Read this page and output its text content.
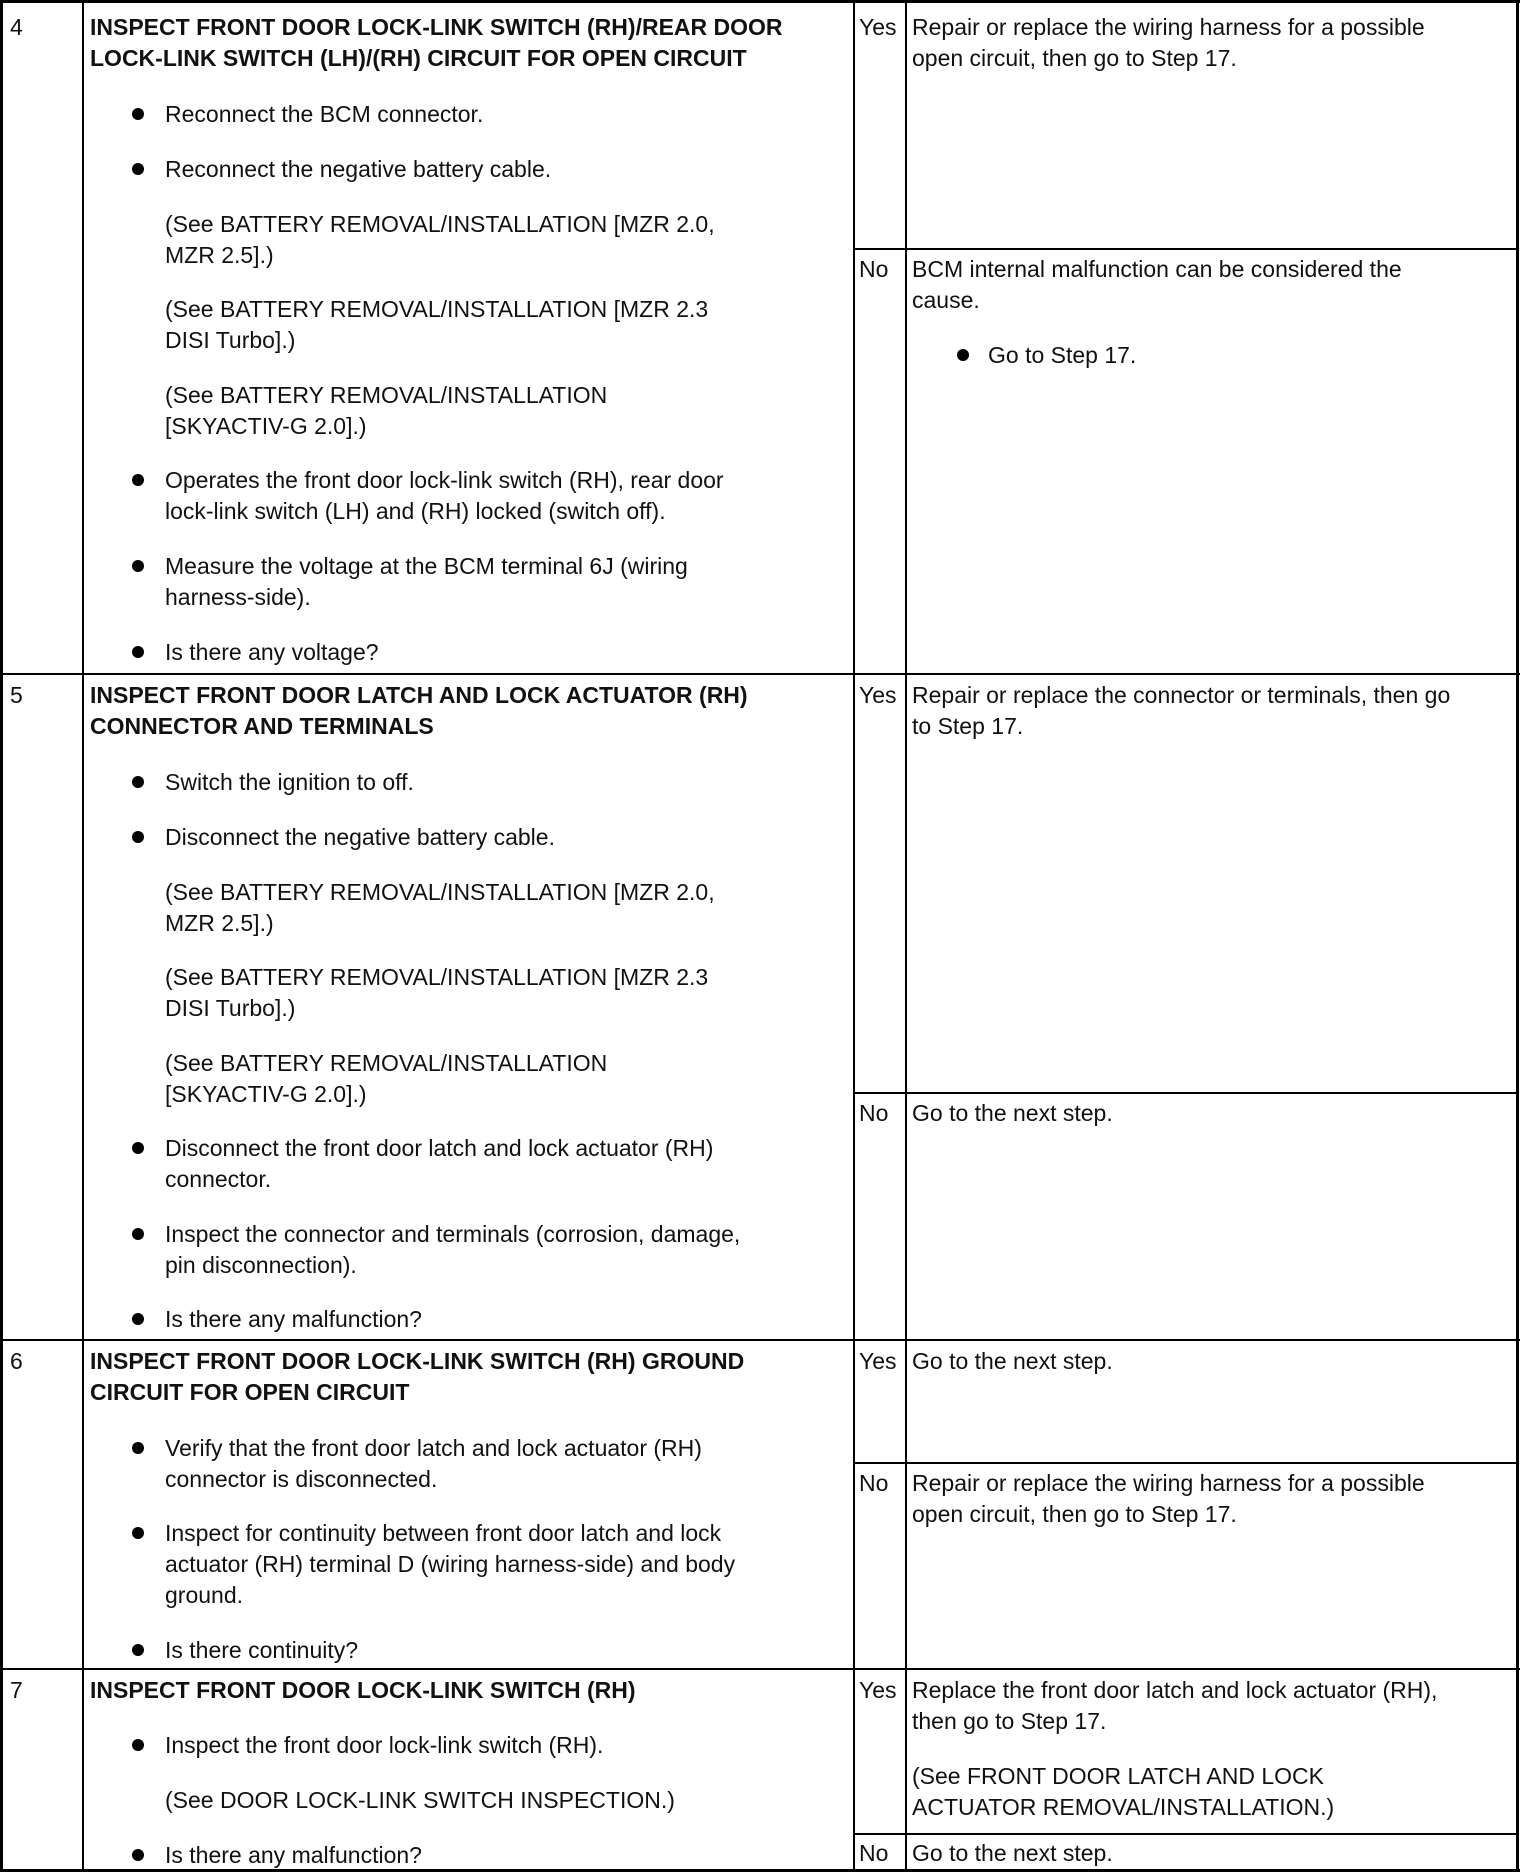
4	INSPECT FRONT DOOR LOCK-LINK SWITCH (RH)/REAR DOOR
LOCK-LINK SWITCH (LH)/(RH) CIRCUIT FOR OPEN CIRCUIT
Reconnect the BCM connector.
Reconnect the negative battery cable.
(See BATTERY REMOVAL/INSTALLATION [MZR 2.0,
MZR 2.5].)
(See BATTERY REMOVAL/INSTALLATION [MZR 2.3
DISI Turbo].)
(See BATTERY REMOVAL/INSTALLATION
[SKYACTIV-G 2.0].)
Operates the front door lock-link switch (RH), rear door
lock-link switch (LH) and (RH) locked (switch off).
Measure the voltage at the BCM terminal 6J (wiring
harness-side).
Is there any voltage?
Yes Repair or replace the wiring harness for a possible
open circuit, then go to Step 17.
No BCM internal malfunction can be considered the
cause.
Go to Step 17.
5	INSPECT FRONT DOOR LATCH AND LOCK ACTUATOR (RH)
CONNECTOR AND TERMINALS
Switch the ignition to off.
Disconnect the negative battery cable.
(See BATTERY REMOVAL/INSTALLATION [MZR 2.0,
MZR 2.5].)
(See BATTERY REMOVAL/INSTALLATION [MZR 2.3
DISI Turbo].)
(See BATTERY REMOVAL/INSTALLATION
[SKYACTIV-G 2.0].)
Disconnect the front door latch and lock actuator (RH)
connector.
Inspect the connector and terminals (corrosion, damage,
pin disconnection).
Is there any malfunction?
Yes Repair or replace the connector or terminals, then go
to Step 17.
No Go to the next step.
6	INSPECT FRONT DOOR LOCK-LINK SWITCH (RH) GROUND
CIRCUIT FOR OPEN CIRCUIT
Verify that the front door latch and lock actuator (RH)
connector is disconnected.
Inspect for continuity between front door latch and lock
actuator (RH) terminal D (wiring harness-side) and body
ground.
Is there continuity?
Yes Go to the next step.
No Repair or replace the wiring harness for a possible
open circuit, then go to Step 17.
7	INSPECT FRONT DOOR LOCK-LINK SWITCH (RH)
Inspect the front door lock-link switch (RH).
(See DOOR LOCK-LINK SWITCH INSPECTION.)
Is there any malfunction?
Yes Replace the front door latch and lock actuator (RH),
then go to Step 17.
(See FRONT DOOR LATCH AND LOCK
ACTUATOR REMOVAL/INSTALLATION.)
No Go to the next step.
